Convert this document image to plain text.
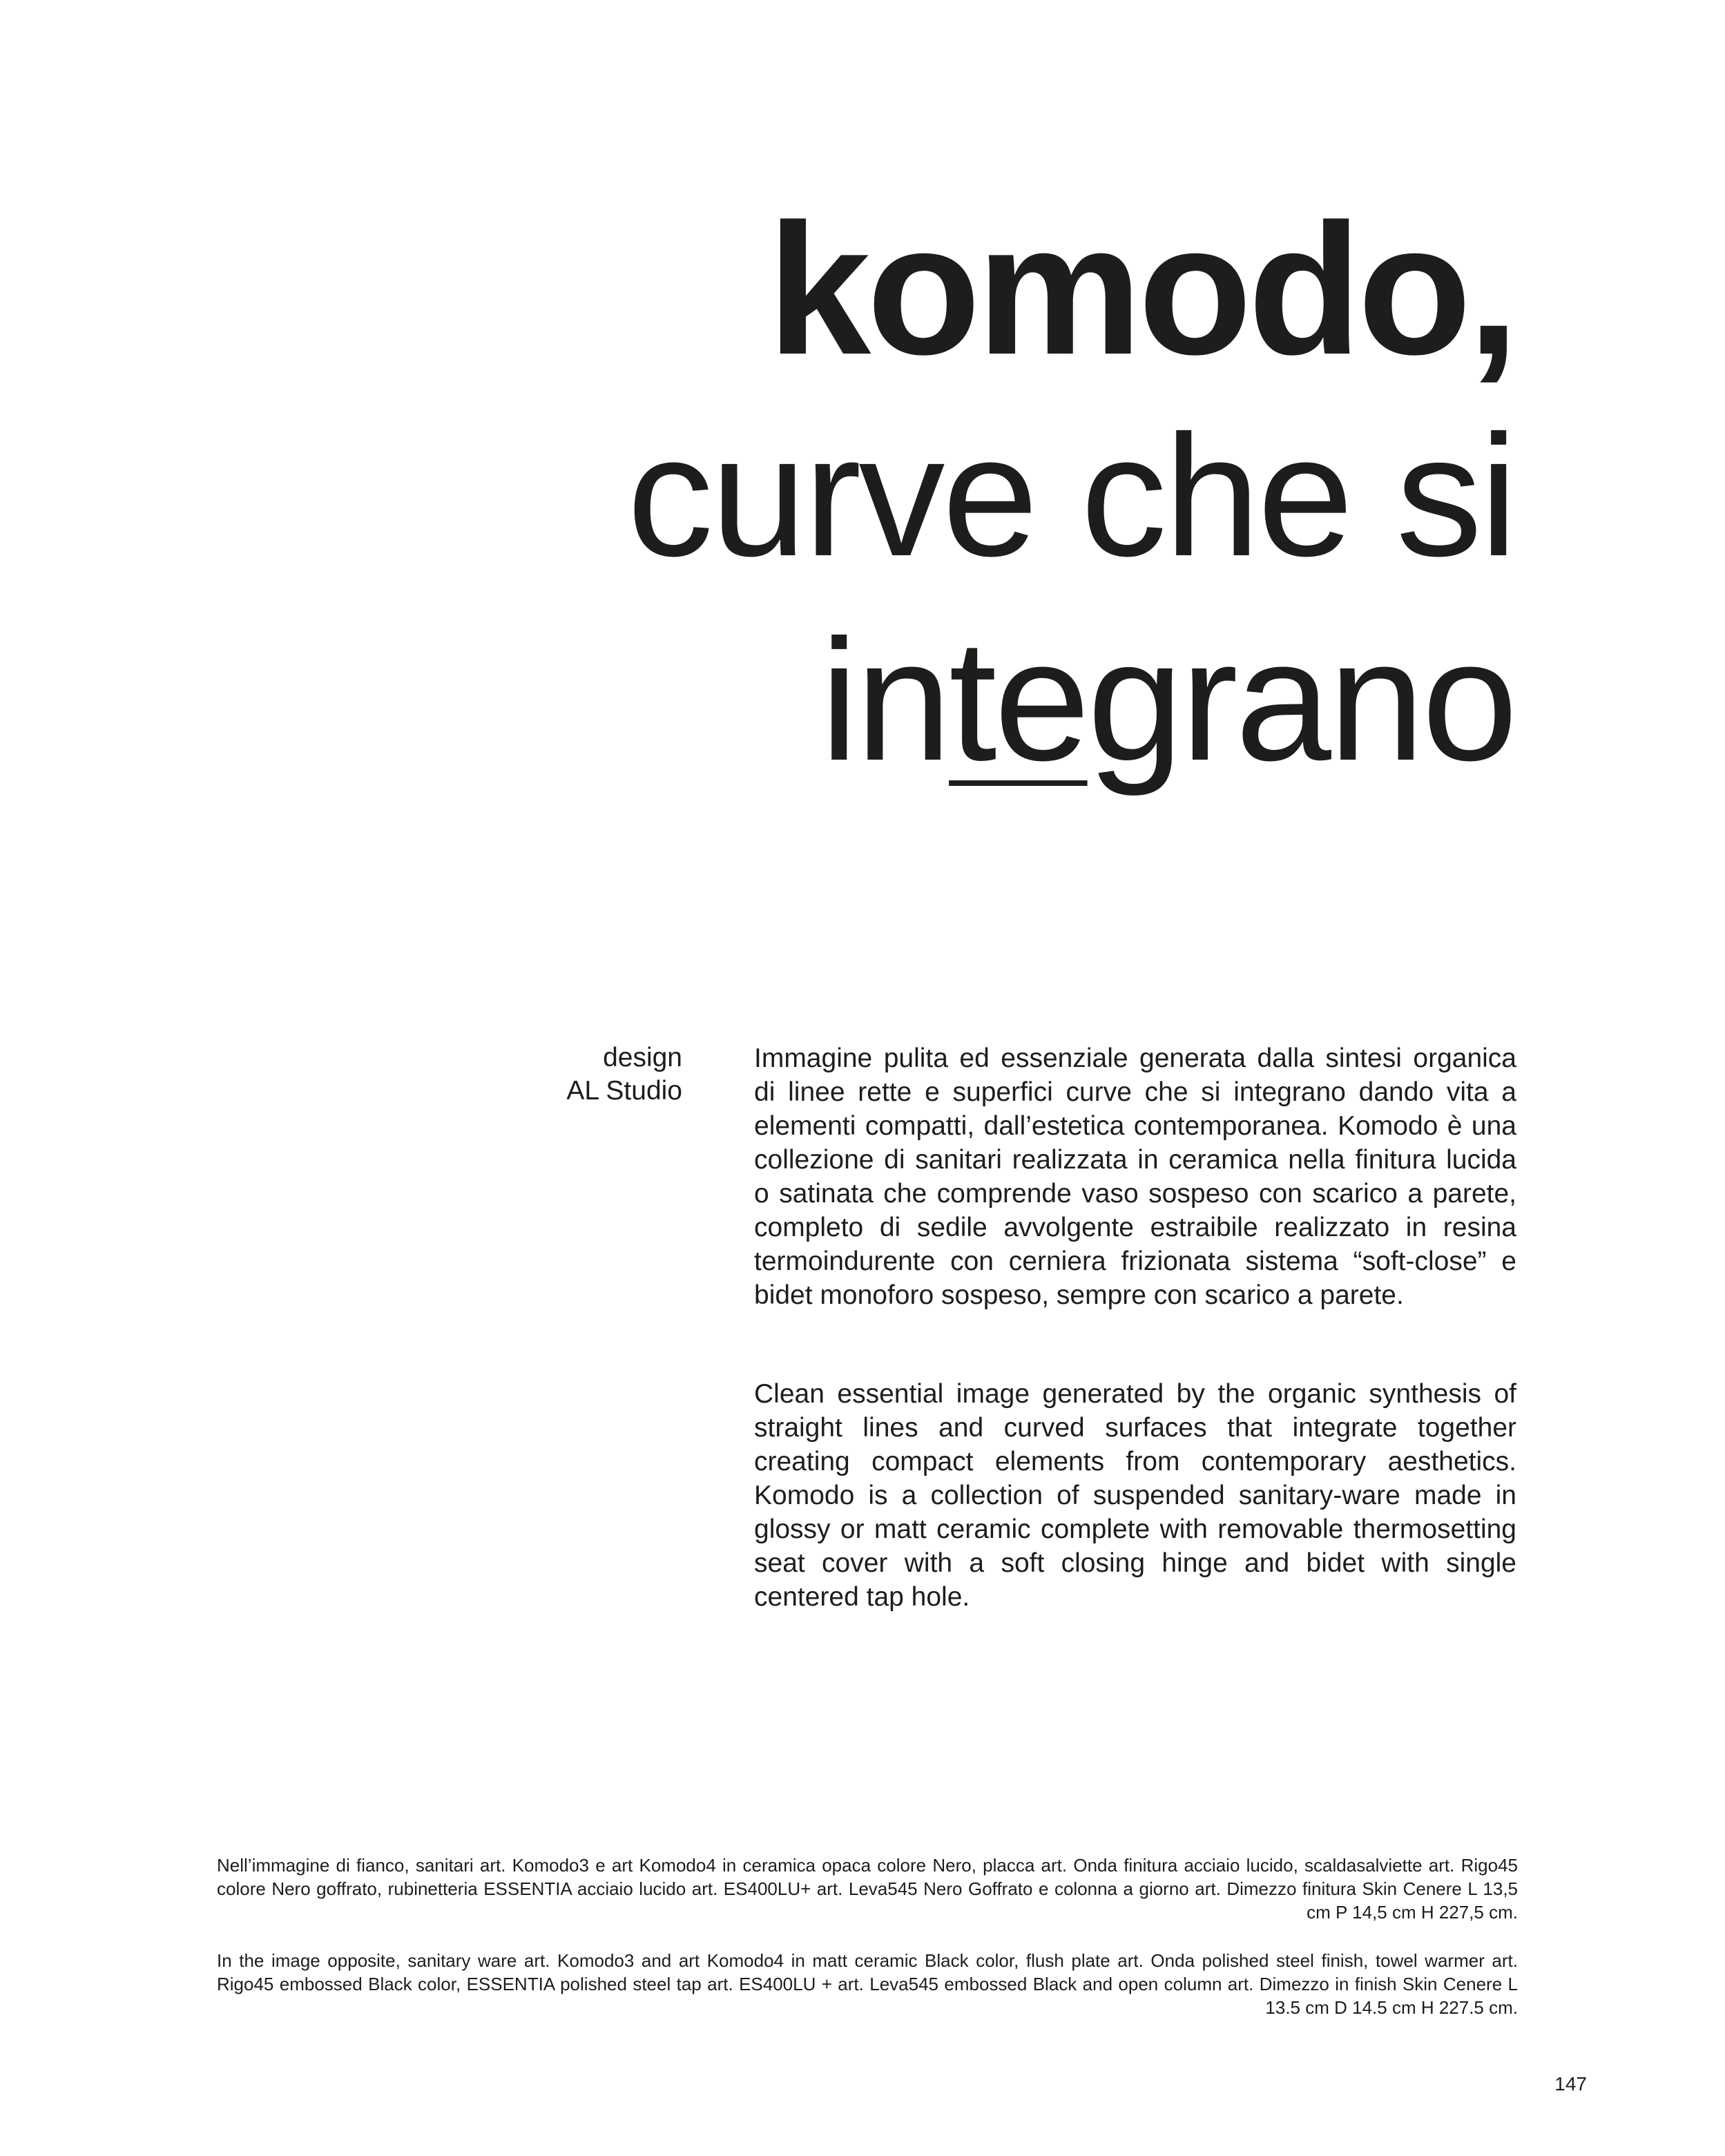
komodo,
curve che si
integrano
design
AL Studio

Immagine pulita ed essenziale generata dalla sintesi organica di linee rette e superfici curve che si integrano dando vita a elementi compatti, dall’estetica contemporanea. Komodo è una collezione di sanitari realizzata in ceramica nella finitura lucida o satinata che comprende vaso sospeso con scarico a parete, completo di sedile avvolgente estraibile realizzato in resina termoindurente con cerniera frizionata sistema “soft-close” e bidet monoforo sospeso, sempre con scarico a parete.

Clean essential image generated by the organic synthesis of straight lines and curved surfaces that integrate together creating compact elements from contemporary aesthetics. Komodo is a collection of suspended sanitary-ware made in glossy or matt ceramic complete with removable thermosetting seat cover with a soft closing hinge and bidet with single centered tap hole.

Nell’immagine di fianco, sanitari art. Komodo3 e art Komodo4 in ceramica opaca colore Nero, placca art. Onda finitura acciaio lucido, scaldasalviette art. Rigo45 colore Nero goffrato, rubinetteria ESSENTIA acciaio lucido art. ES400LU+ art. Leva545 Nero Goffrato e colonna a giorno art. Dimezzo finitura Skin Cenere L 13,5 cm P 14,5 cm H 227,5 cm.

In the image opposite, sanitary ware art. Komodo3 and art Komodo4 in matt ceramic Black color, flush plate art. Onda polished steel finish, towel warmer art. Rigo45 embossed Black color, ESSENTIA polished steel tap art. ES400LU + art. Leva545 embossed Black and open column art. Dimezzo in finish Skin Cenere L 13.5 cm D 14.5 cm H 227.5 cm.

147
